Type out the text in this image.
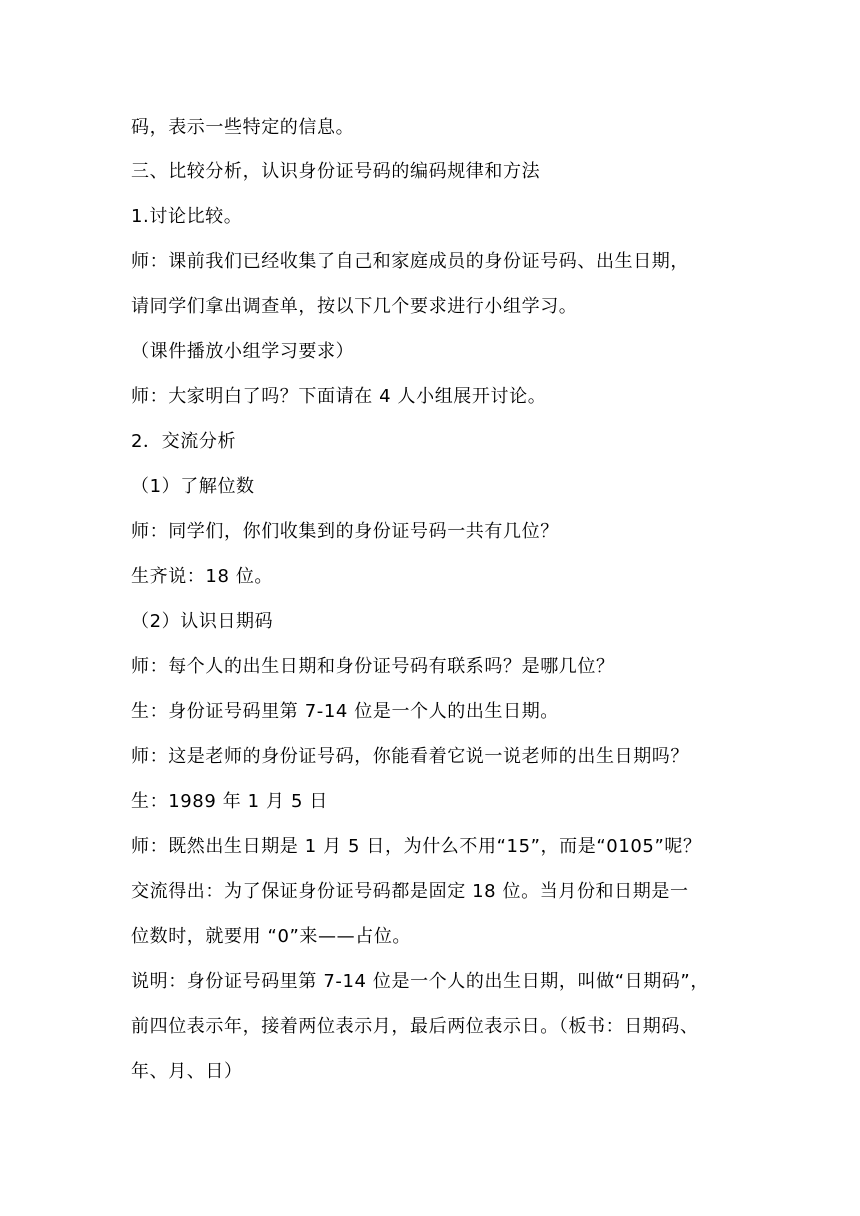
码，表示一些特定的信息。
三、比较分析，认识身份证号码的编码规律和方法
1.讨论比较。
师：课前我们已经收集了自己和家庭成员的身份证号码、出生日期，
请同学们拿出调查单，按以下几个要求进行小组学习。
（课件播放小组学习要求）
师：大家明白了吗？下面请在 4 人小组展开讨论。
2．交流分析
（1）了解位数
师：同学们，你们收集到的身份证号码一共有几位？
生齐说：18 位。
（2）认识日期码
师：每个人的出生日期和身份证号码有联系吗？是哪几位？
生：身份证号码里第 7-14 位是一个人的出生日期。
师：这是老师的身份证号码，你能看着它说一说老师的出生日期吗？
生：1989 年 1 月 5 日
师：既然出生日期是 1 月 5 日，为什么不用“15”，而是“0105”呢？
交流得出：为了保证身份证号码都是固定 18 位。当月份和日期是一
位数时，就要用 “0”来——占位。
说明：身份证号码里第 7-14 位是一个人的出生日期，叫做“日期码”，
前四位表示年，接着两位表示月，最后两位表示日。（板书：日期码、
年、月、日）
